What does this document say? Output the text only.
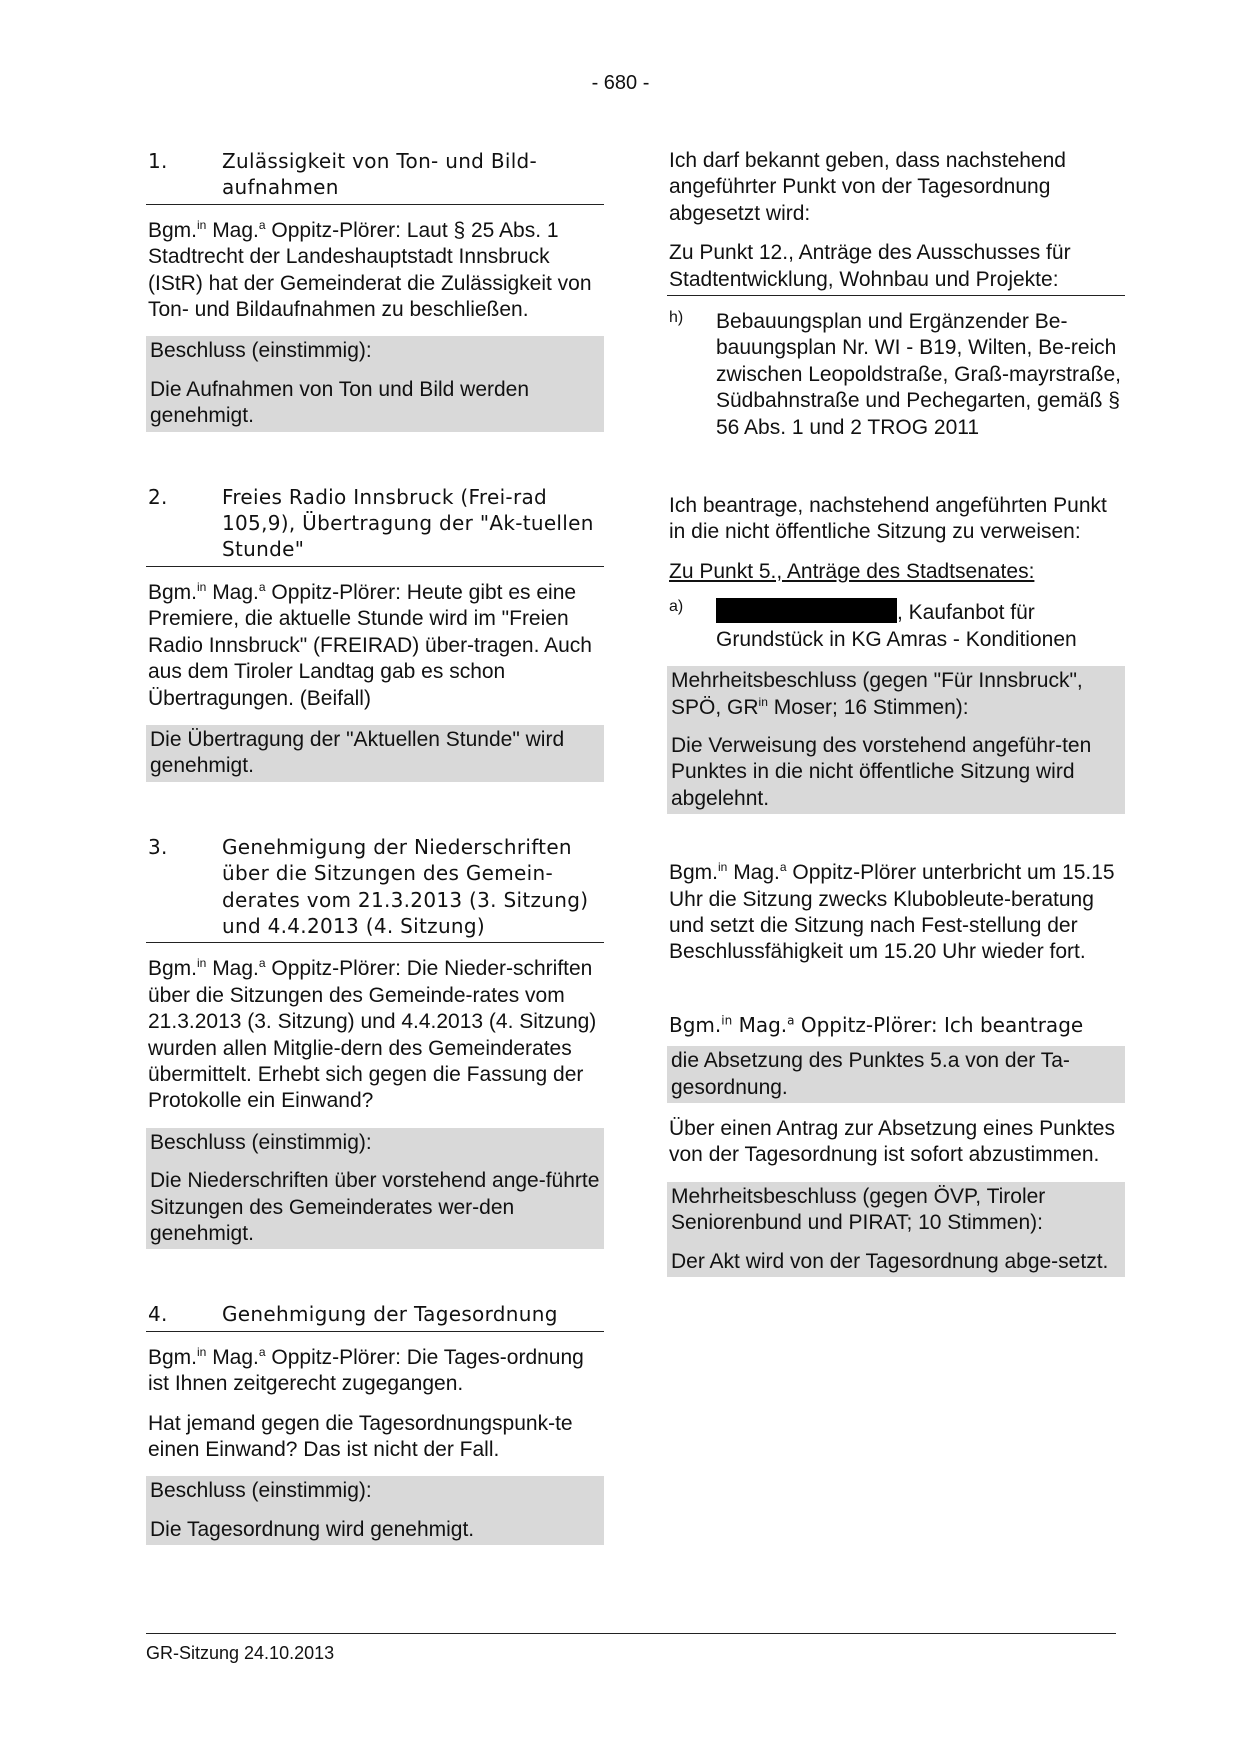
- 680 -
1.	Zulässigkeit von Ton- und Bild-aufnahmen

Bgm.$^{in}$ Mag.$^a$ Oppitz-Plörer: Laut § 25 Abs. 1 Stadtrecht der Landeshauptstadt Innsbruck (IStR) hat der Gemeinderat die Zulässigkeit von Ton- und Bildaufnahmen zu beschließen.

Beschluss (einstimmig):

Die Aufnahmen von Ton und Bild werden genehmigt.

2.	Freies Radio Innsbruck (Frei-rad 105,9), Übertragung der "Ak-tuellen Stunde"

Bgm.$^{in}$ Mag.$^a$ Oppitz-Plörer: Heute gibt es eine Premiere, die aktuelle Stunde wird im "Freien Radio Innsbruck" (FREIRAD) über-tragen. Auch aus dem Tiroler Landtag gab es schon Übertragungen. (Beifall)

Die Übertragung der "Aktuellen Stunde" wird genehmigt.

3.	Genehmigung der Niederschriften über die Sitzungen des Gemein-derates vom 21.3.2013 (3. Sitzung) und 4.4.2013 (4. Sitzung)

Bgm.$^{in}$ Mag.$^a$ Oppitz-Plörer: Die Nieder-schriften über die Sitzungen des Gemeinde-rates vom 21.3.2013 (3. Sitzung) und 4.4.2013 (4. Sitzung) wurden allen Mitglie-dern des Gemeinderates übermittelt. Erhebt sich gegen die Fassung der Protokolle ein Einwand?

Beschluss (einstimmig):

Die Niederschriften über vorstehend ange-führte Sitzungen des Gemeinderates wer-den genehmigt.

4.	Genehmigung der Tagesordnung

Bgm.$^{in}$ Mag.$^a$ Oppitz-Plörer: Die Tages-ordnung ist Ihnen zeitgerecht zugegangen.

Hat jemand gegen die Tagesordnungspunk-te einen Einwand? Das ist nicht der Fall.

Beschluss (einstimmig):

Die Tagesordnung wird genehmigt.

Ich darf bekannt geben, dass nachstehend angeführter Punkt von der Tagesordnung abgesetzt wird:

Zu Punkt 12., Anträge des Ausschusses für Stadtentwicklung, Wohnbau und Projekte:

h)	Bebauungsplan und Ergänzender Be-bauungsplan Nr. WI - B19, Wilten, Be-reich zwischen Leopoldstraße, Graß-mayrstraße, Südbahnstraße und Pechegarten, gemäß § 56 Abs. 1 und 2 TROG 2011

Ich beantrage, nachstehend angeführten Punkt in die nicht öffentliche Sitzung zu verweisen:

Zu Punkt 5., Anträge des Stadtsenates:

a)	, Kaufanbot für Grundstück in KG Amras - Konditionen

Mehrheitsbeschluss (gegen "Für Innsbruck", SPÖ, $GR^{in}$ Moser; 16 Stimmen):

Die Verweisung des vorstehend angeführ-ten Punktes in die nicht öffentliche Sitzung wird abgelehnt.

Bgm.$^{in}$ Mag.$^a$ Oppitz-Plörer unterbricht um 15.15 Uhr die Sitzung zwecks Klubobleute-beratung und setzt die Sitzung nach Fest-stellung der Beschlussfähigkeit um 15.20 Uhr wieder fort.

Bgm.$^{in}$ Mag.$^a$ Oppitz-Plörer: Ich beantrage

die Absetzung des Punktes 5.a von der Ta-gesordnung.

Über einen Antrag zur Absetzung eines Punktes von der Tagesordnung ist sofort abzustimmen.

Mehrheitsbeschluss (gegen ÖVP, Tiroler Seniorenbund und PIRAT; 10 Stimmen):

Der Akt wird von der Tagesordnung abge-setzt.

GR-Sitzung 24.10.2013
